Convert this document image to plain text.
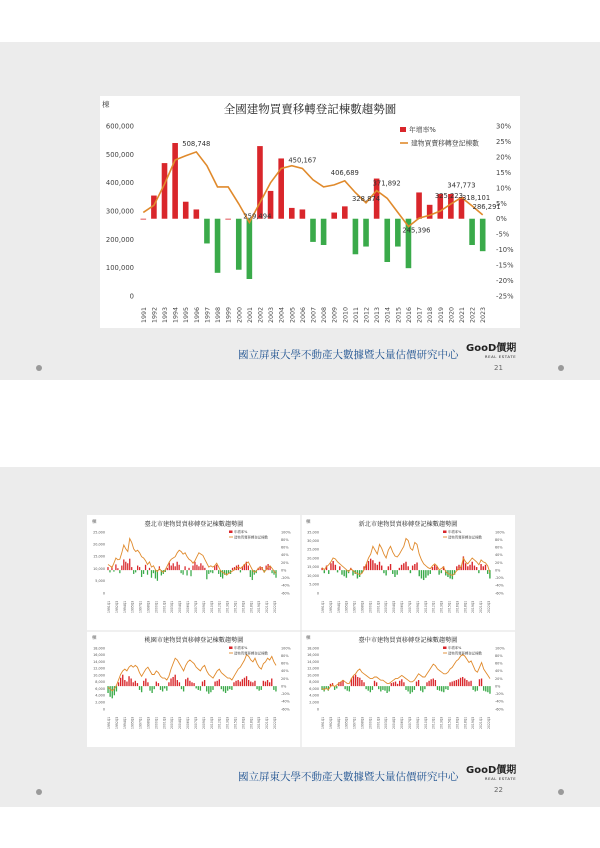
全國建物買賣移轉登記棟數趨勢圖
棟
600,000
500,000
400,000
300,000
200,000
100,000
0
30%
25%
20%
15%
10%
5%
0%
-5%
-10%
-15%
-20%
-25%
508,748
259,494
450,167
406,689
328,874
371,892
245,396
325,223
347,773
318,101
286,291
1991 1992 1993 1994 1995 1996 1997 1998 1999 2000 2001 2002 2003 2004 2005 2006 2007 2008 2009 2010 2011 2012 2013 2014 2015 2016 2017 2018 2019 2020 2021 2022 2023
年增率%
建物買賣移轉登記棟數
國立屏東大學不動產大數據暨大量估價研究中心
GooD價期
REAL ESTATE
21
臺北市建物買賣移轉登記棟數趨勢圖
棟
25,000
20,000
15,000
10,000
5,000
0
100%
80%
60%
40%
20%
0%
-20%
-40%
-60%
1991Q1 1992Q3 1994Q1 1995Q3 1997Q1 1998Q3 2000Q1 2001Q3 2003Q1 2004Q3 2006Q1 2007Q3 2009Q1 2010Q3 2012Q1 2013Q3 2015Q1 2016Q3 2018Q1 2019Q3 2021Q1 2022Q3
年增率%
建物買賣移轉登記棟數
新北市建物買賣移轉登記棟數趨勢圖
棟
35,000
30,000
25,000
20,000
15,000
10,000
5,000
0
100%
80%
60%
40%
20%
0%
-20%
-40%
-60%
1991Q1 1992Q3 1994Q1 1995Q3 1997Q1 1998Q3 2000Q1 2001Q3 2003Q1 2004Q3 2006Q1 2007Q3 2009Q1 2010Q3 2012Q1 2013Q3 2015Q1 2016Q3 2018Q1 2019Q3 2021Q1 2022Q3
年增率%
建物買賣移轉登記棟數
桃園市建物買賣移轉登記棟數趨勢圖
棟
18,000
16,000
14,000
12,000
10,000
8,000
6,000
4,000
2,000
0
100%
80%
60%
40%
20%
0%
-20%
-40%
-60%
1991Q1 1992Q3 1994Q1 1995Q3 1997Q1 1998Q3 2000Q1 2001Q3 2003Q1 2004Q3 2006Q1 2007Q3 2009Q1 2010Q3 2012Q1 2013Q3 2015Q1 2016Q3 2018Q1 2019Q3 2021Q1 2022Q3
年增率%
建物買賣移轉登記棟數
臺中市建物買賣移轉登記棟數趨勢圖
棟
18,000
16,000
14,000
12,000
10,000
8,000
6,000
4,000
2,000
0
100%
80%
60%
40%
20%
0%
-20%
-40%
-60%
1991Q1 1992Q3 1994Q1 1995Q3 1997Q1 1998Q3 2000Q1 2001Q3 2003Q1 2004Q3 2006Q1 2007Q3 2009Q1 2010Q3 2012Q1 2013Q3 2015Q1 2016Q3 2018Q1 2019Q3 2021Q1 2022Q3
年增率%
建物買賣移轉登記棟數
國立屏東大學不動產大數據暨大量估價研究中心
GooD價期
REAL ESTATE
22
